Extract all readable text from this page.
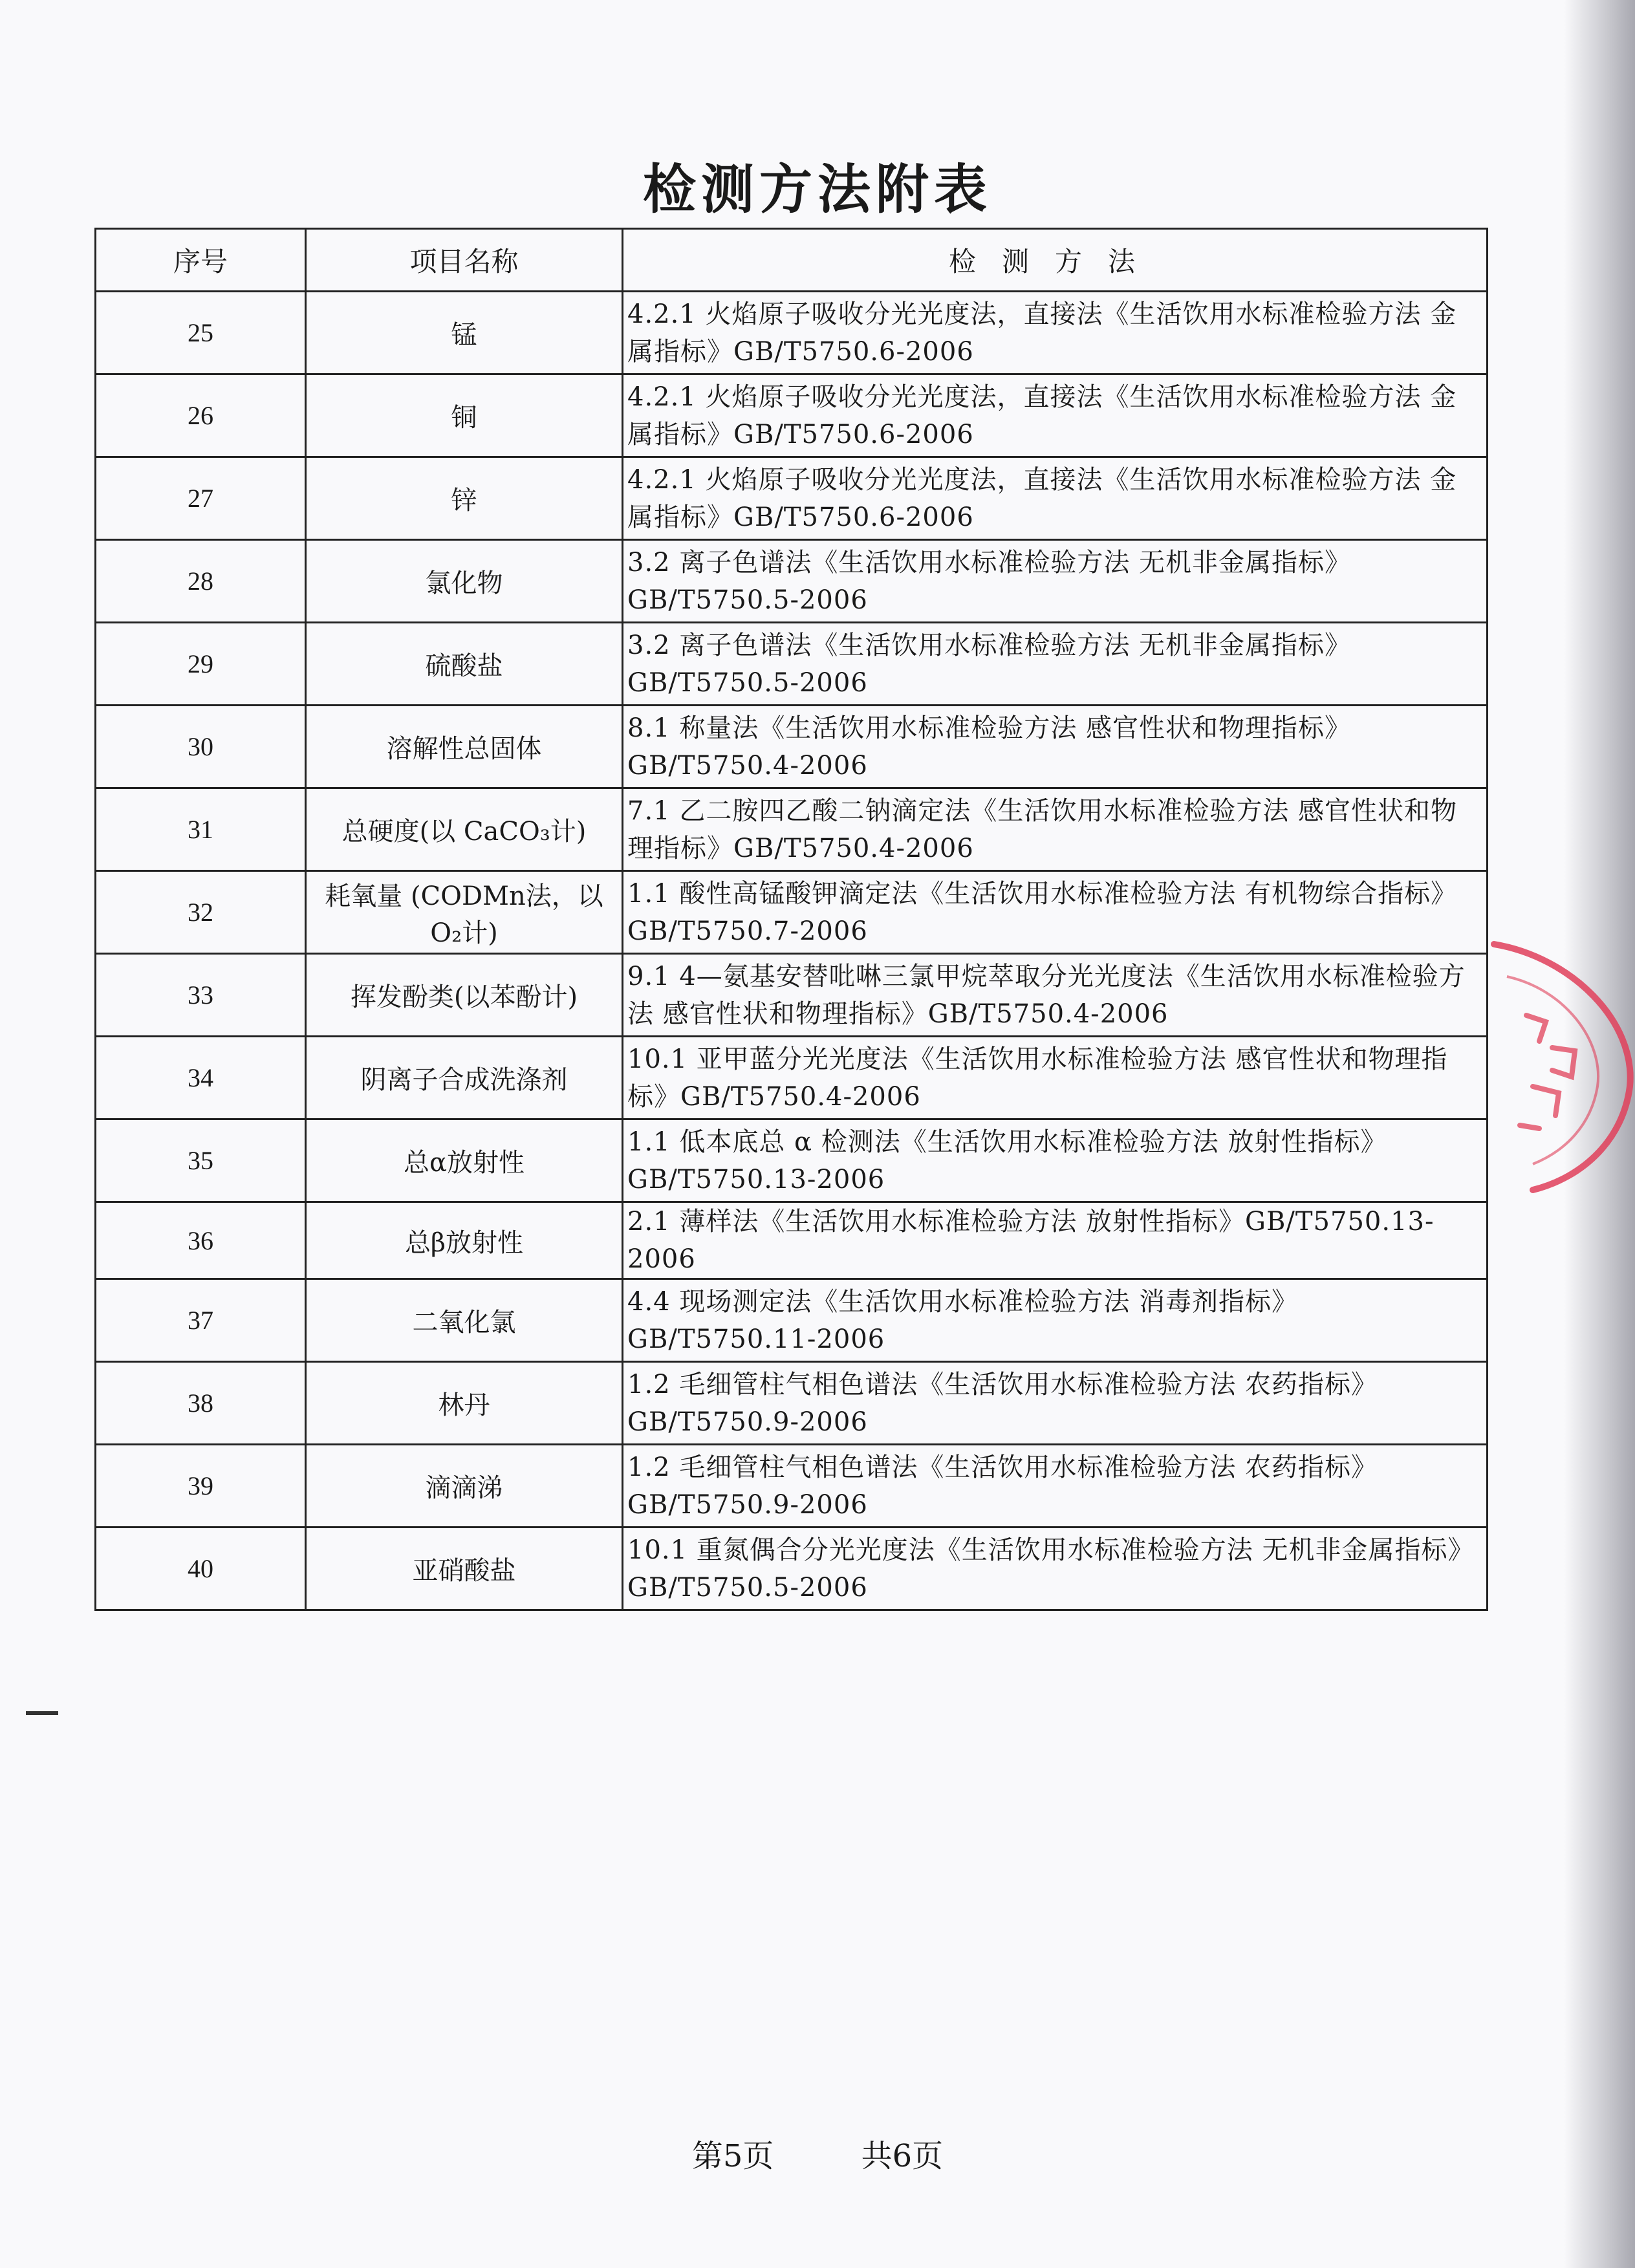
检测方法附表
序号	项目名称	检测方法
25	锰	4.2.1 火焰原子吸收分光光度法，直接法《生活饮用水标准检验方法 金属指标》GB/T5750.6-2006
26	铜	4.2.1 火焰原子吸收分光光度法，直接法《生活饮用水标准检验方法 金属指标》GB/T5750.6-2006
27	锌	4.2.1 火焰原子吸收分光光度法，直接法《生活饮用水标准检验方法 金属指标》GB/T5750.6-2006
28	氯化物	3.2 离子色谱法《生活饮用水标准检验方法 无机非金属指标》GB/T5750.5-2006
29	硫酸盐	3.2 离子色谱法《生活饮用水标准检验方法 无机非金属指标》GB/T5750.5-2006
30	溶解性总固体	8.1 称量法《生活饮用水标准检验方法 感官性状和物理指标》GB/T5750.4-2006
31	总硬度(以 CaCO₃计)	7.1 乙二胺四乙酸二钠滴定法《生活饮用水标准检验方法 感官性状和物理指标》GB/T5750.4-2006
32	耗氧量 (CODMn法，以O₂计)	1.1 酸性高锰酸钾滴定法《生活饮用水标准检验方法 有机物综合指标》GB/T5750.7-2006
33	挥发酚类(以苯酚计)	9.1 4—氨基安替吡啉三氯甲烷萃取分光光度法《生活饮用水标准检验方法 感官性状和物理指标》GB/T5750.4-2006
34	阴离子合成洗涤剂	10.1 亚甲蓝分光光度法《生活饮用水标准检验方法 感官性状和物理指标》GB/T5750.4-2006
35	总α放射性	1.1 低本底总 α 检测法《生活饮用水标准检验方法 放射性指标》GB/T5750.13-2006
36	总β放射性	2.1 薄样法《生活饮用水标准检验方法 放射性指标》GB/T5750.13-2006
37	二氧化氯	4.4 现场测定法《生活饮用水标准检验方法 消毒剂指标》GB/T5750.11-2006
38	林丹	1.2 毛细管柱气相色谱法《生活饮用水标准检验方法 农药指标》GB/T5750.9-2006
39	滴滴涕	1.2 毛细管柱气相色谱法《生活饮用水标准检验方法 农药指标》GB/T5750.9-2006
40	亚硝酸盐	10.1 重氮偶合分光光度法《生活饮用水标准检验方法 无机非金属指标》GB/T5750.5-2006
第5页	共6页
